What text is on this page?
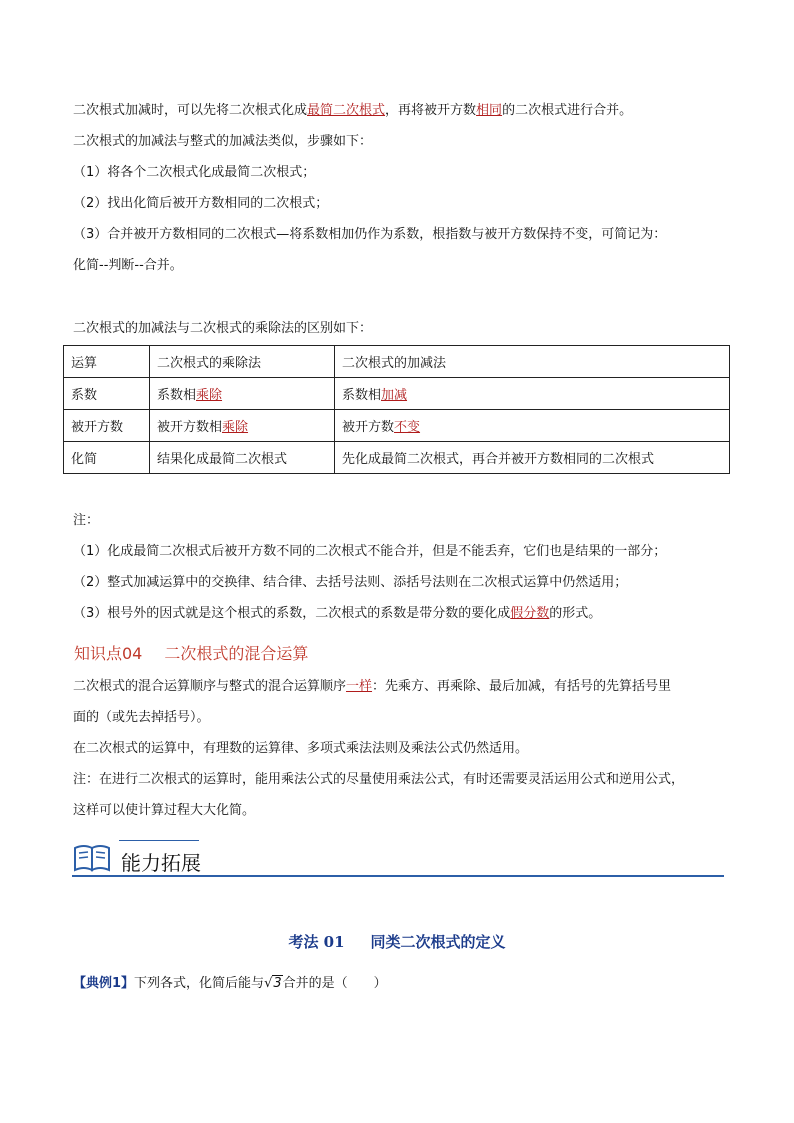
二次根式加减时，可以先将二次根式化成最简二次根式，再将被开方数相同的二次根式进行合并。
二次根式的加减法与整式的加减法类似，步骤如下：
（1）将各个二次根式化成最简二次根式；
（2）找出化简后被开方数相同的二次根式；
（3）合并被开方数相同的二次根式—将系数相加仍作为系数，根指数与被开方数保持不变，可简记为：
化简--判断--合并。
二次根式的加减法与二次根式的乘除法的区别如下：
运算	二次根式的乘除法	二次根式的加减法
系数	系数相乘除	系数相加减
被开方数	被开方数相乘除	被开方数不变
化简	结果化成最简二次根式	先化成最简二次根式，再合并被开方数相同的二次根式
注：
（1）化成最简二次根式后被开方数不同的二次根式不能合并，但是不能丢弃，它们也是结果的一部分；
（2）整式加减运算中的交换律、结合律、去括号法则、添括号法则在二次根式运算中仍然适用；
（3）根号外的因式就是这个根式的系数，二次根式的系数是带分数的要化成假分数的形式。
知识点04 二次根式的混合运算
二次根式的混合运算顺序与整式的混合运算顺序一样：先乘方、再乘除、最后加减，有括号的先算括号里
面的（或先去掉括号）。
在二次根式的运算中，有理数的运算律、多项式乘法法则及乘法公式仍然适用。
注：在进行二次根式的运算时，能用乘法公式的尽量使用乘法公式，有时还需要灵活运用公式和逆用公式，
这样可以使计算过程大大化简。
能力拓展
考法 01 同类二次根式的定义
【典例1】下列各式，化简后能与√3合并的是（　　）
